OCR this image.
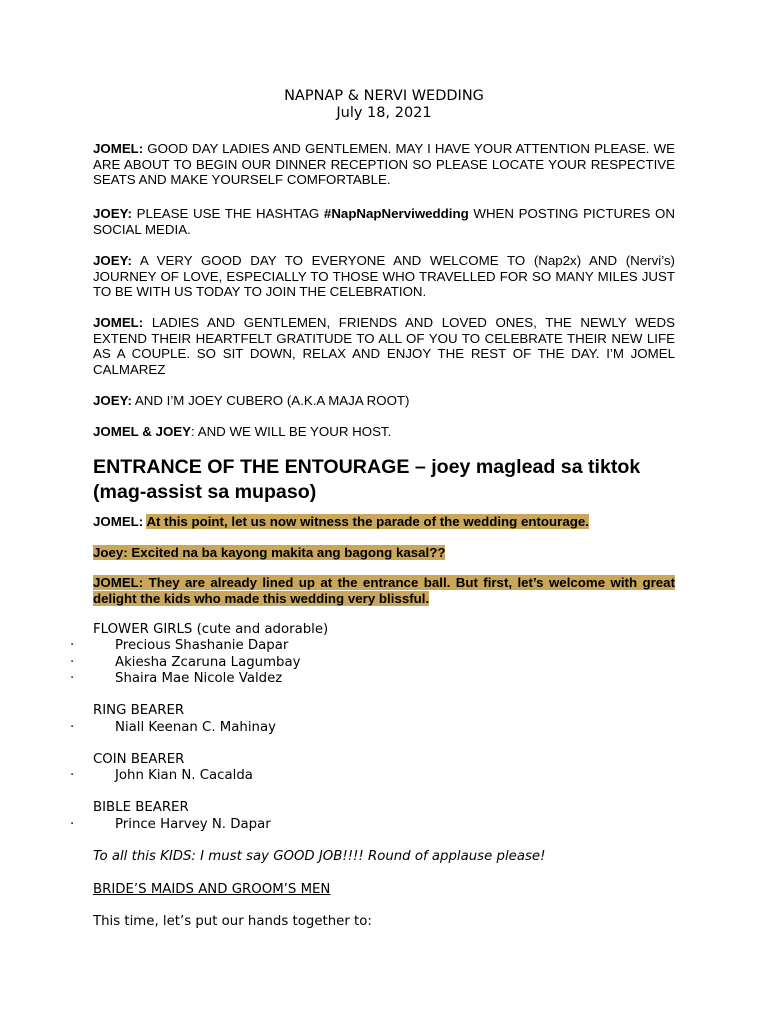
NAPNAP & NERVI WEDDING
July 18, 2021
JOMEL: GOOD DAY LADIES AND GENTLEMEN. MAY I HAVE YOUR ATTENTION PLEASE. WE ARE ABOUT TO BEGIN OUR DINNER RECEPTION SO PLEASE LOCATE YOUR RESPECTIVE SEATS AND MAKE YOURSELF COMFORTABLE.
JOEY: PLEASE USE THE HASHTAG #NapNapNerviwedding WHEN POSTING PICTURES ON SOCIAL MEDIA.
JOEY: A VERY GOOD DAY TO EVERYONE AND WELCOME TO (Nap2x) AND (Nervi’s) JOURNEY OF LOVE, ESPECIALLY TO THOSE WHO TRAVELLED FOR SO MANY MILES JUST TO BE WITH US TODAY TO JOIN THE CELEBRATION.
JOMEL: LADIES AND GENTLEMEN, FRIENDS AND LOVED ONES, THE NEWLY WEDS EXTEND THEIR HEARTFELT GRATITUDE TO ALL OF YOU TO CELEBRATE THEIR NEW LIFE AS A COUPLE. SO SIT DOWN, RELAX AND ENJOY THE REST OF THE DAY. I’M JOMEL CALMAREZ
JOEY: AND I’M JOEY CUBERO (A.K.A MAJA ROOT)
JOMEL & JOEY: AND WE WILL BE YOUR HOST.
ENTRANCE OF THE ENTOURAGE – joey maglead sa tiktok (mag-assist sa mupaso)
JOMEL: At this point, let us now witness the parade of the wedding entourage.
Joey: Excited na ba kayong makita ang bagong kasal??
JOMEL: They are already lined up at the entrance ball. But first, let’s welcome with great delight the kids who made this wedding very blissful.
FLOWER GIRLS (cute and adorable)
·	Precious Shashanie Dapar
·	Akiesha Zcaruna Lagumbay
·	Shaira Mae Nicole Valdez
RING BEARER
·	Niall Keenan C. Mahinay
COIN BEARER
·	John Kian N. Cacalda
BIBLE BEARER
·	Prince Harvey N. Dapar
To all this KIDS: I must say GOOD JOB!!!! Round of applause please!
BRIDE’S MAIDS AND GROOM’S MEN
This time, let’s put our hands together to:
